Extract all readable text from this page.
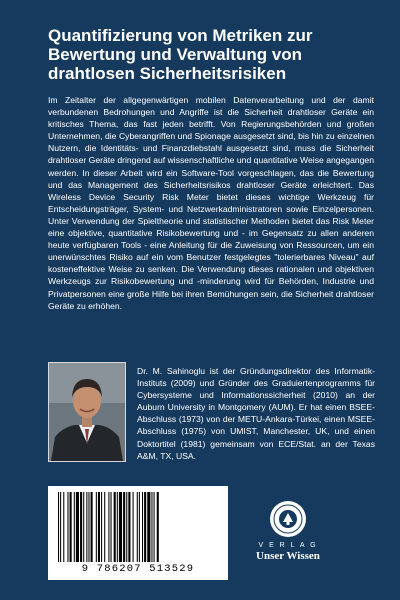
Quantifizierung von Metriken zur Bewertung und Verwaltung von drahtlosen Sicherheitsrisiken

Im Zeitalter der allgegenwärtigen mobilen Datenverarbeitung und der damit verbundenen Bedrohungen und Angriffe ist die Sicherheit drahtloser Geräte ein kritisches Thema, das fast jeden betrifft. Von Regierungsbehörden und großen Unternehmen, die Cyberangriffen und Spionage ausgesetzt sind, bis hin zu einzelnen Nutzern, die Identitäts- und Finanzdiebstahl ausgesetzt sind, muss die Sicherheit drahtloser Geräte dringend auf wissenschaftliche und quantitative Weise angegangen werden. In dieser Arbeit wird ein Software-Tool vorgeschlagen, das die Bewertung und das Management des Sicherheitsrisikos drahtloser Geräte erleichtert. Das Wireless Device Security Risk Meter bietet dieses wichtige Werkzeug für Entscheidungsträger, System- und Netzwerkadministratoren sowie Einzelpersonen. Unter Verwendung der Spieltheorie und statistischer Methoden bietet das Risk Meter eine objektive, quantitative Risikobewertung und - im Gegensatz zu allen anderen heute verfügbaren Tools - eine Anleitung für die Zuweisung von Ressourcen, um ein unerwünschtes Risiko auf ein vom Benutzer festgelegtes "tolerierbares Niveau" auf kosteneffektive Weise zu senken. Die Verwendung dieses rationalen und objektiven Werkzeugs zur Risikobewertung und -minderung wird für Behörden, Industrie und Privatpersonen eine große Hilfe bei ihren Bemühungen sein, die Sicherheit drahtloser Geräte zu erhöhen.

Dr. M. Sahinoglu ist der Gründungsdirektor des Informatik-Instituts (2009) und Gründer des Graduiertenprogramms für Cybersysteme und Informationssicherheit (2010) an der Auburn University in Montgomery (AUM). Er hat einen BSEE-Abschluss (1973) von der METU-Ankara-Türkei, einen MSEE-Abschluss (1975) von UMIST, Manchester, UK, und einen Doktortitel (1981) gemeinsam von ECE/Stat. an der Texas A&M, TX, USA.

9 786207 513529
V E R L A G
Unser Wissen
